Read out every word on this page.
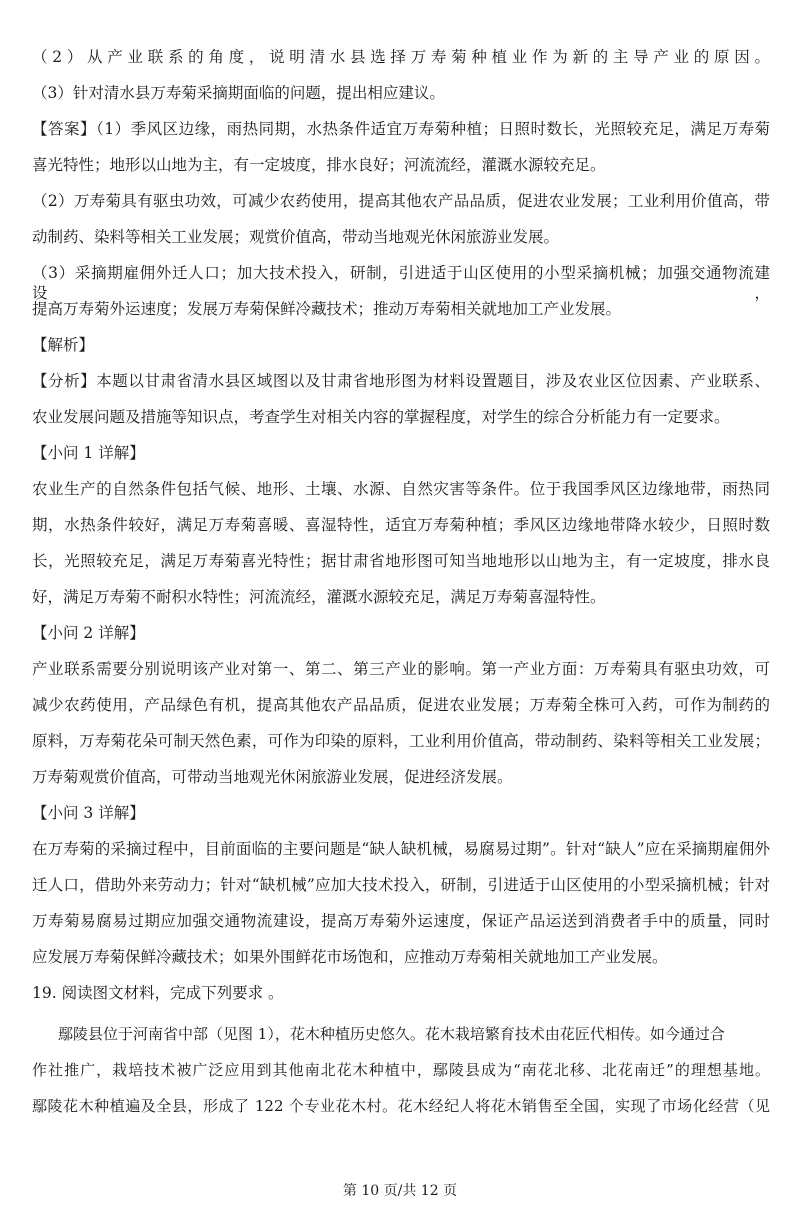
（2）从产业联系的角度，说明清水县选择万寿菊种植业作为新的主导产业的原因。
（3）针对清水县万寿菊采摘期面临的问题，提出相应建议。
【答案】（1）季风区边缘，雨热同期，水热条件适宜万寿菊种植；日照时数长，光照较充足，满足万寿菊
喜光特性；地形以山地为主，有一定坡度，排水良好；河流流经，灌溉水源较充足。
（2）万寿菊具有驱虫功效，可减少农药使用，提高其他农产品品质，促进农业发展；工业利用价值高，带
动制药、染料等相关工业发展；观赏价值高，带动当地观光休闲旅游业发展。
（3）采摘期雇佣外迁人口；加大技术投入，研制，引进适于山区使用的小型采摘机械；加强交通物流建设，
提高万寿菊外运速度；发展万寿菊保鲜冷藏技术；推动万寿菊相关就地加工产业发展。
【解析】
【分析】本题以甘肃省清水县区域图以及甘肃省地形图为材料设置题目，涉及农业区位因素、产业联系、
农业发展问题及措施等知识点，考查学生对相关内容的掌握程度，对学生的综合分析能力有一定要求。
【小问 1 详解】
农业生产的自然条件包括气候、地形、土壤、水源、自然灾害等条件。位于我国季风区边缘地带，雨热同
期，水热条件较好，满足万寿菊喜暖、喜湿特性，适宜万寿菊种植；季风区边缘地带降水较少，日照时数
长，光照较充足，满足万寿菊喜光特性；据甘肃省地形图可知当地地形以山地为主，有一定坡度，排水良
好，满足万寿菊不耐积水特性；河流流经，灌溉水源较充足，满足万寿菊喜湿特性。
【小问 2 详解】
产业联系需要分别说明该产业对第一、第二、第三产业的影响。第一产业方面：万寿菊具有驱虫功效，可
减少农药使用，产品绿色有机，提高其他农产品品质，促进农业发展；万寿菊全株可入药，可作为制药的
原料，万寿菊花朵可制天然色素，可作为印染的原料，工业利用价值高，带动制药、染料等相关工业发展；
万寿菊观赏价值高，可带动当地观光休闲旅游业发展，促进经济发展。
【小问 3 详解】
在万寿菊的采摘过程中，目前面临的主要问题是“缺人缺机械，易腐易过期”。针对“缺人”应在采摘期雇佣外
迁人口，借助外来劳动力；针对“缺机械”应加大技术投入，研制，引进适于山区使用的小型采摘机械；针对
万寿菊易腐易过期应加强交通物流建设，提高万寿菊外运速度，保证产品运送到消费者手中的质量，同时
应发展万寿菊保鲜冷藏技术；如果外围鲜花市场饱和，应推动万寿菊相关就地加工产业发展。
19. 阅读图文材料，完成下列要求 。
鄢陵县位于河南省中部（见图 1），花木种植历史悠久。花木栽培繁育技术由花匠代相传。如今通过合
作社推广，栽培技术被广泛应用到其他南北花木种植中，鄢陵县成为“南花北移、北花南迁”的理想基地。
鄢陵花木种植遍及全县，形成了 122 个专业花木村。花木经纪人将花木销售至全国，实现了市场化经营（见
第 10 页/共 12 页
